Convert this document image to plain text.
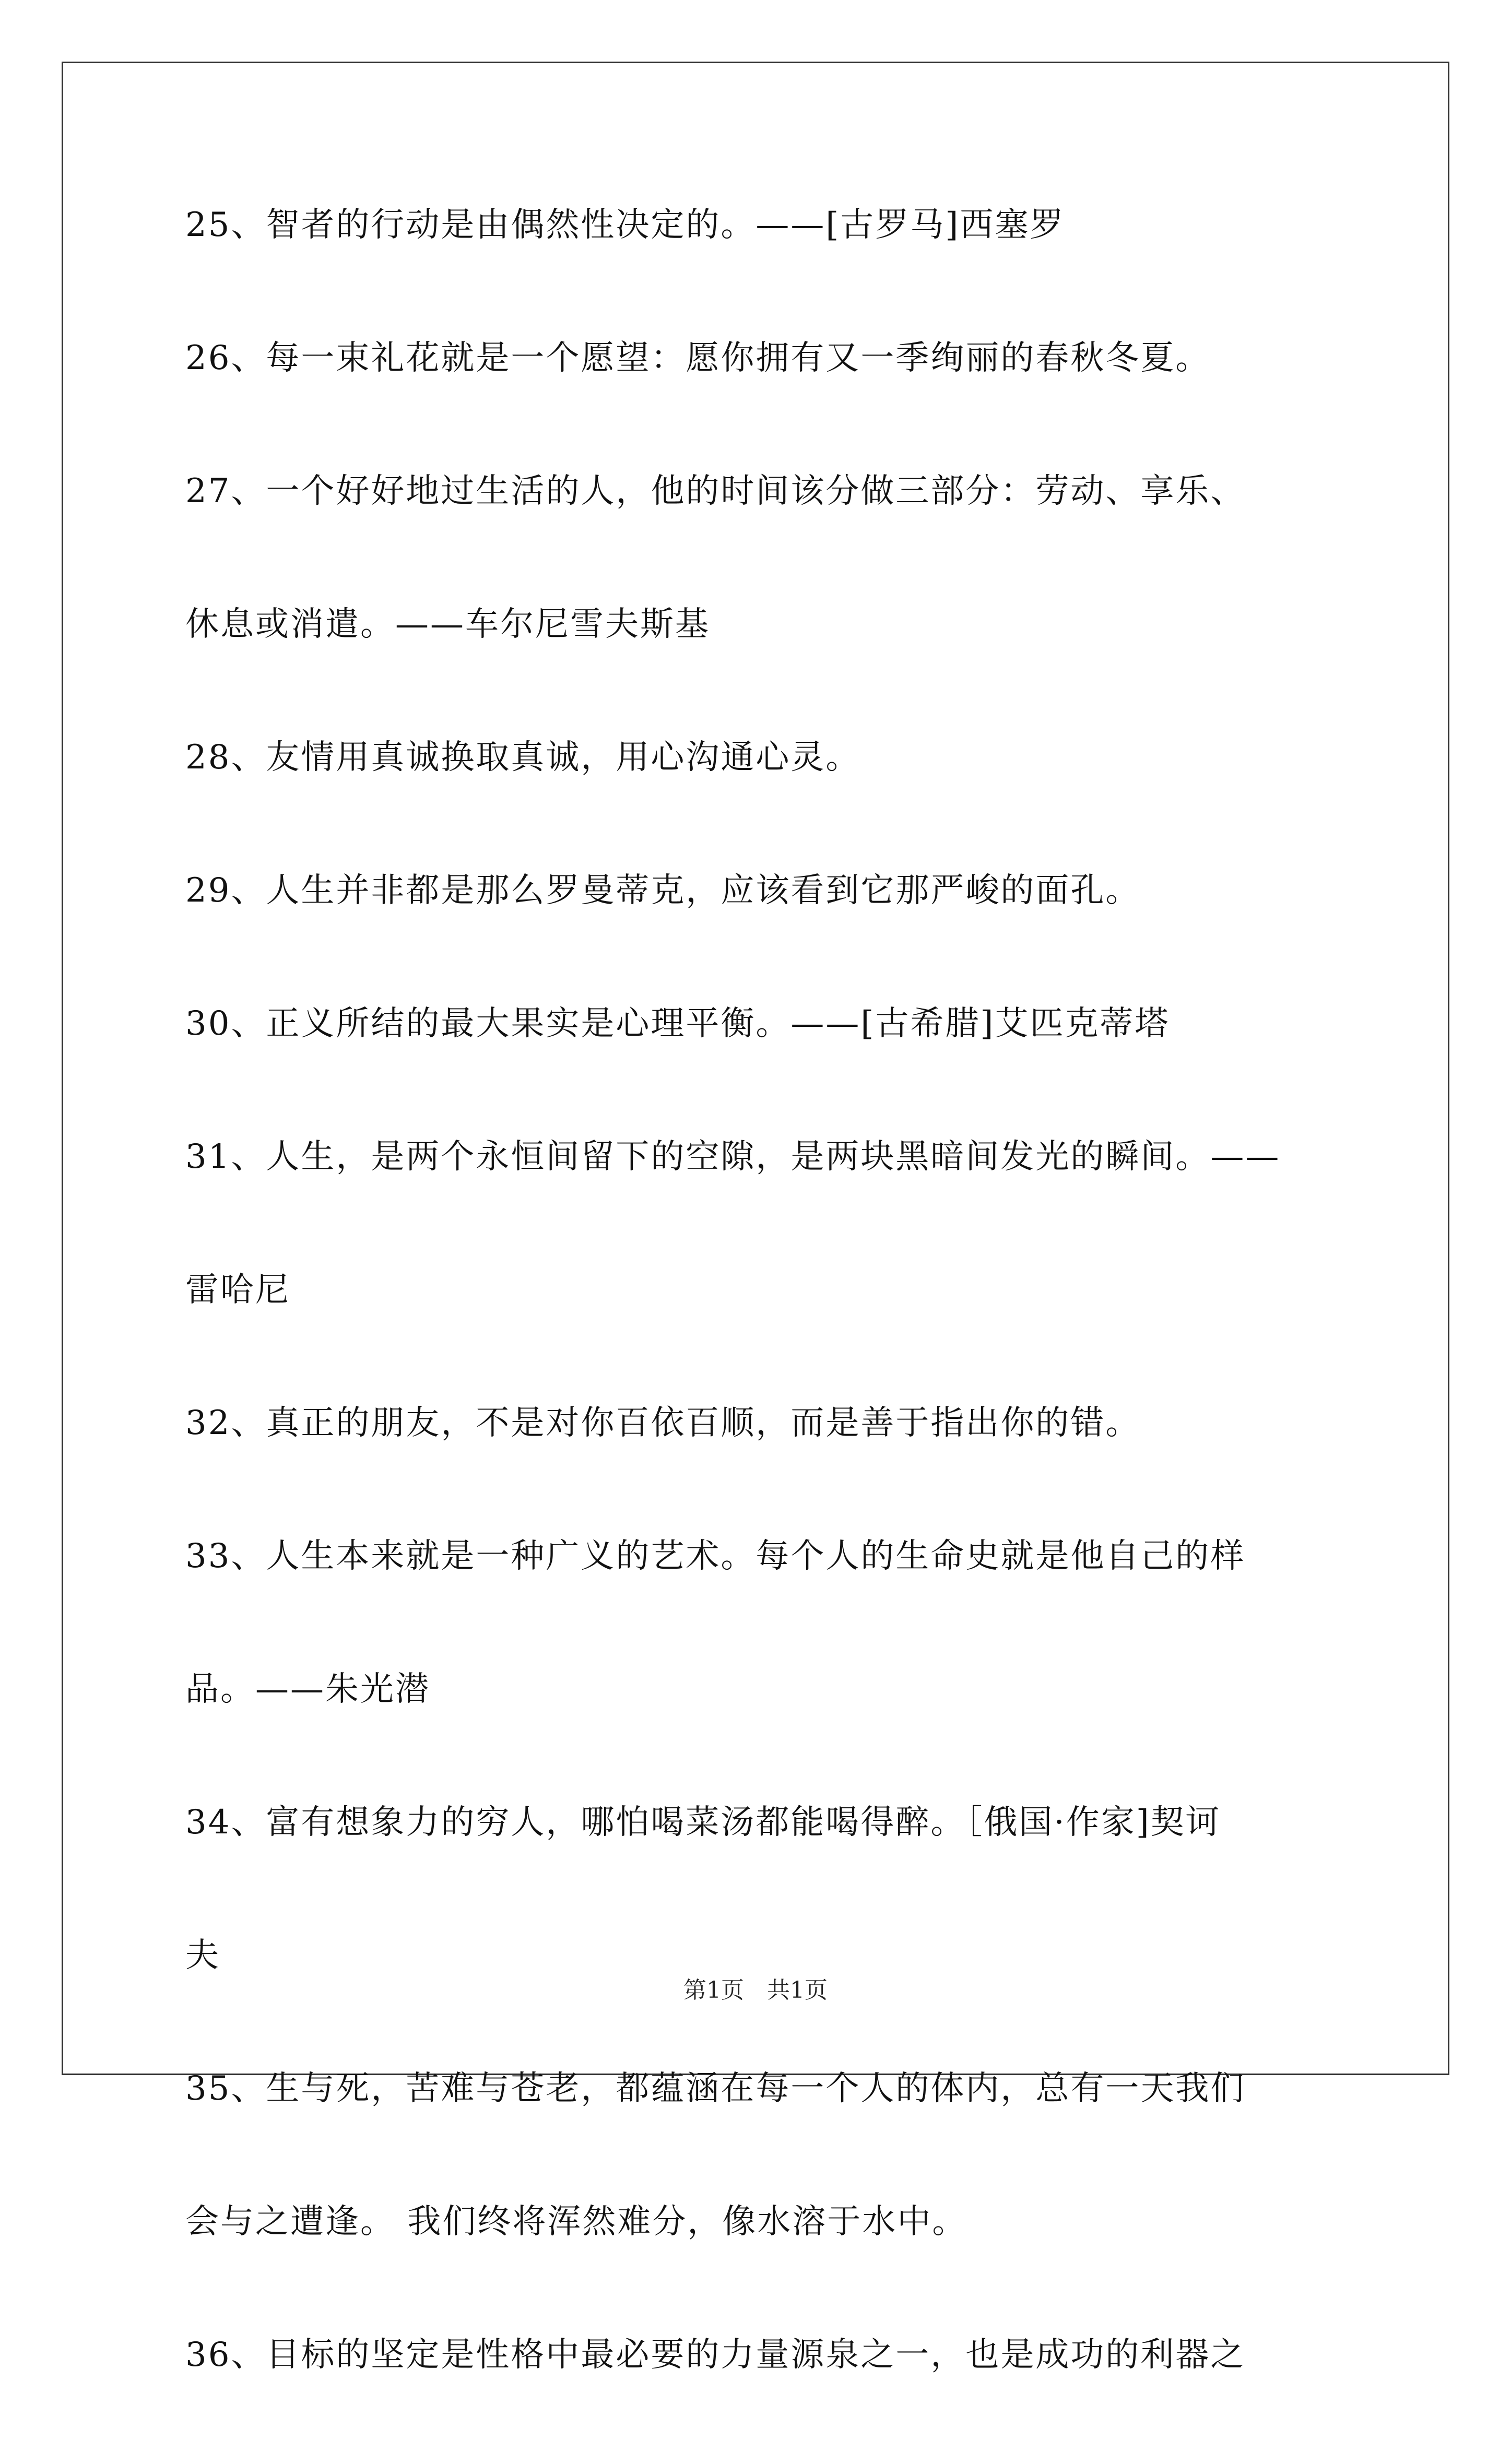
25、智者的行动是由偶然性决定的。——[古罗马]西塞罗
26、每一束礼花就是一个愿望：愿你拥有又一季绚丽的春秋冬夏。
27、一个好好地过生活的人，他的时间该分做三部分：劳动、享乐、
休息或消遣。——车尔尼雪夫斯基
28、友情用真诚换取真诚，用心沟通心灵。
29、人生并非都是那么罗曼蒂克，应该看到它那严峻的面孔。
30、正义所结的最大果实是心理平衡。——[古希腊]艾匹克蒂塔
31、人生，是两个永恒间留下的空隙，是两块黑暗间发光的瞬间。——
雷哈尼
32、真正的朋友，不是对你百依百顺，而是善于指出你的错。
33、人生本来就是一种广义的艺术。每个人的生命史就是他自己的样
品。——朱光潜
34、富有想象力的穷人，哪怕喝菜汤都能喝得醉。［俄国·作家]契诃
夫
35、生与死，苦难与苍老，都蕴涵在每一个人的体内，总有一天我们
会与之遭逢。 我们终将浑然难分，像水溶于水中。
36、目标的坚定是性格中最必要的力量源泉之一，也是成功的利器之
第1页　共1页
